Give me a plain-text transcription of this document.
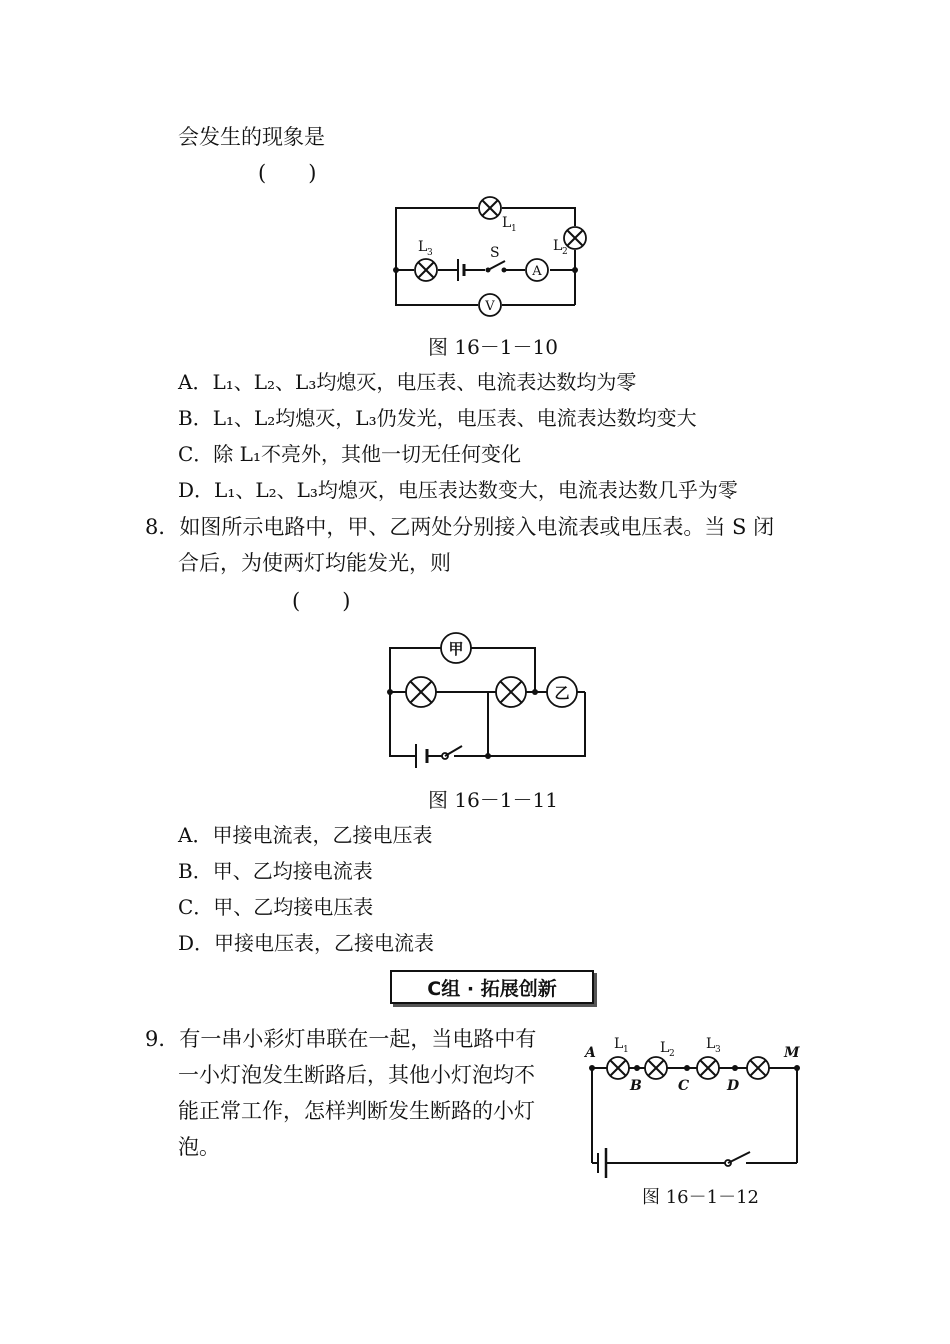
会发生的现象是
(　　)
A
V
L 1
L 2
L 3	S
图 16－1－10
A．L₁、L₂、L₃均熄灭，电压表、电流表达数均为零
B．L₁、L₂均熄灭，L₃仍发光，电压表、电流表达数均变大
C．除 L₁不亮外，其他一切无任何变化
D．L₁、L₂、L₃均熄灭，电压表达数变大，电流表达数几乎为零
8．如图所示电路中，甲、乙两处分别接入电流表或电压表。当 S 闭
合后，为使两灯均能发光，则
(　　)
甲
乙
图 16－1－11
A．甲接电流表，乙接电压表
B．甲、乙均接电流表
C．甲、乙均接电压表
D．甲接电压表，乙接电流表
C组 · 拓展创新
9．有一串小彩灯串联在一起，当电路中有
一小灯泡发生断路后，其他小灯泡均不
能正常工作，怎样判断发生断路的小灯
泡。
A
B	C	D
M
L 1 L 2
L 3
图 16－1－12
